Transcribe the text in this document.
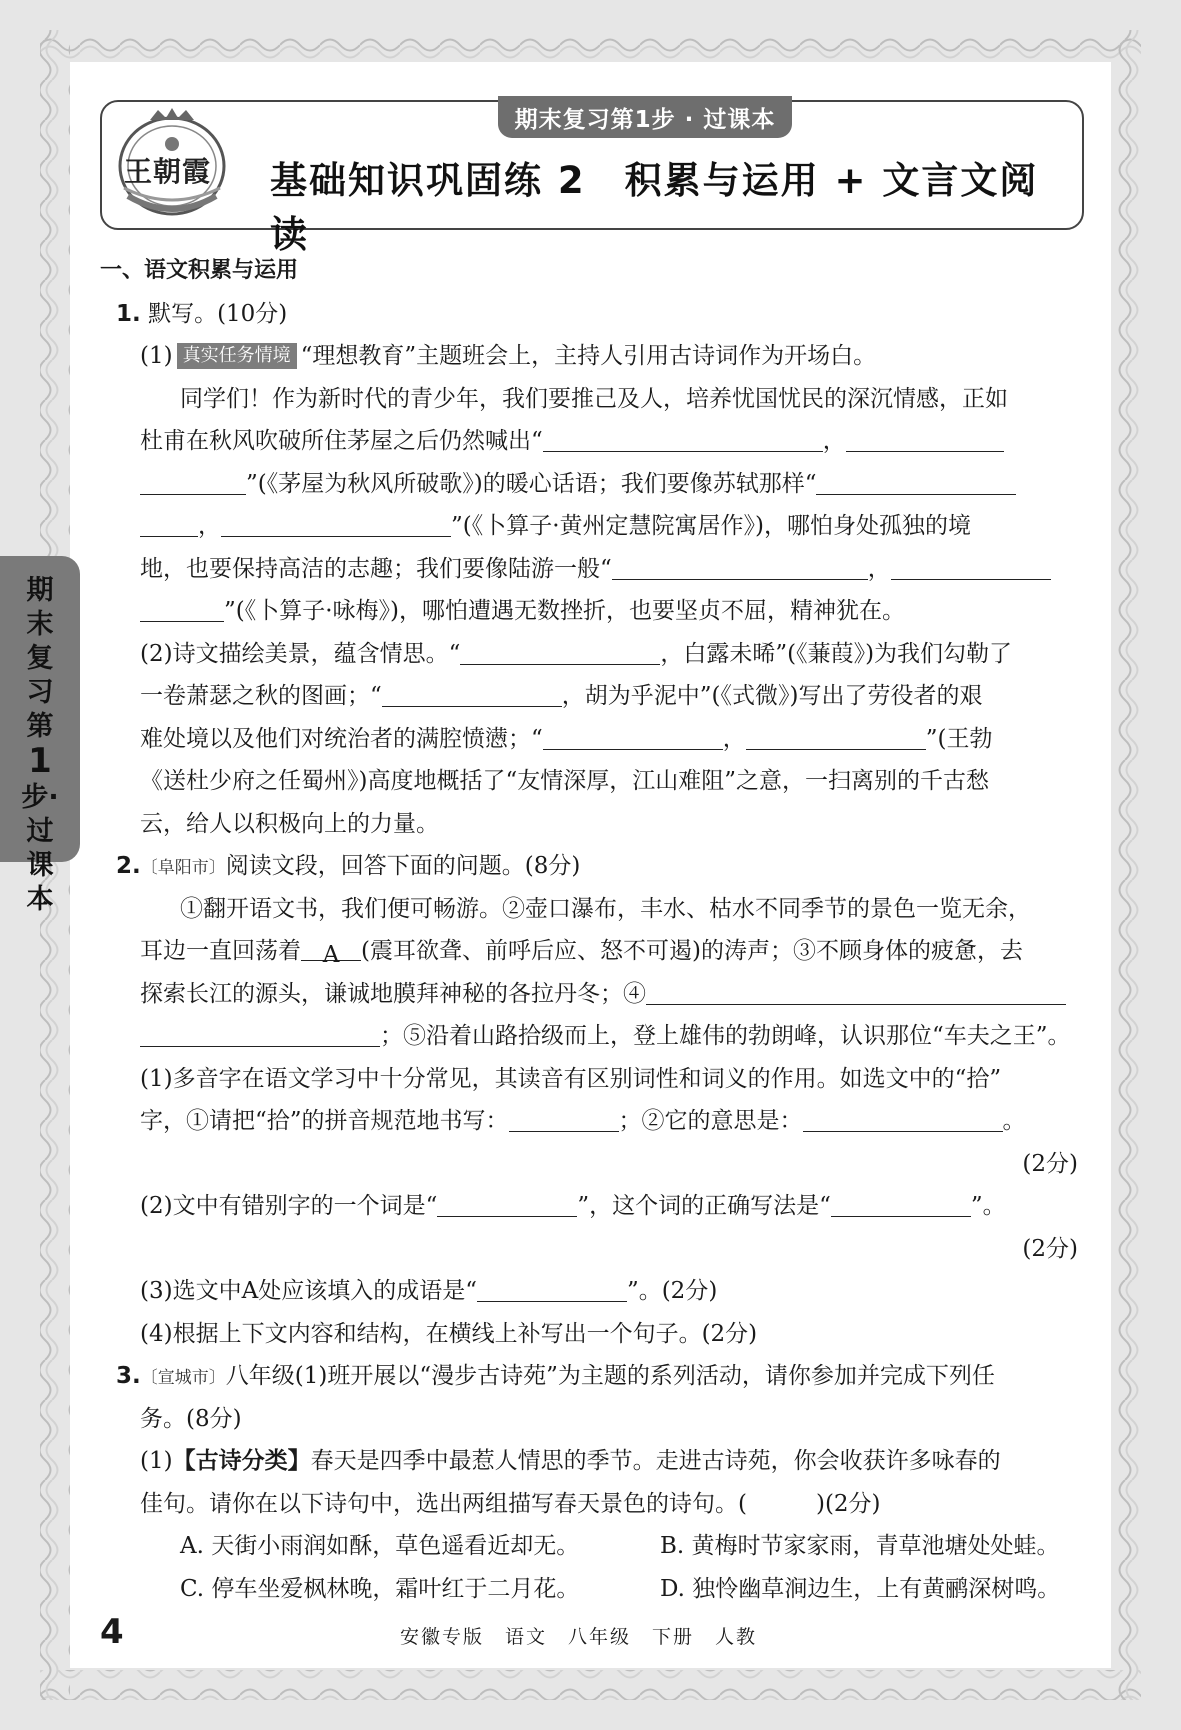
期末复习第1步 · 过课本
王朝霞 基础知识巩固练 2　积累与运用 + 文言文阅读
期末复习第
1
步·过课本
一、语文积累与运用
1. 默写。(10分)
(1) 真实任务情境 “理想教育”主题班会上，主持人引用古诗词作为开场白。
同学们！作为新时代的青少年，我们要推己及人，培养忧国忧民的深沉情感，正如
杜甫在秋风吹破所住茅屋之后仍然喊出“	，
”(《茅屋为秋风所破歌》)的暖心话语；我们要像苏轼那样“
，	”(《卜算子·黄州定慧院寓居作》)，哪怕身处孤独的境
地，也要保持高洁的志趣；我们要像陆游一般“	，
”(《卜算子·咏梅》)，哪怕遭遇无数挫折，也要坚贞不屈，精神犹在。
(2)诗文描绘美景，蕴含情思。“	，白露未晞”(《蒹葭》)为我们勾勒了
一卷萧瑟之秋的图画；“	，胡为乎泥中”(《式微》)写出了劳役者的艰
难处境以及他们对统治者的满腔愤懑；“	，	”(王勃
《送杜少府之任蜀州》)高度地概括了“友情深厚，江山难阻”之意，一扫离别的千古愁
云，给人以积极向上的力量。
2.〔阜阳市〕阅读文段，回答下面的问题。(8分)
①翻开语文书，我们便可畅游。②壶口瀑布，丰水、枯水不同季节的景色一览无余，
耳边一直回荡着 A (震耳欲聋、前呼后应、怒不可遏)的涛声；③不顾身体的疲惫，去
探索长江的源头，谦诚地膜拜神秘的各拉丹冬；④
；⑤沿着山路拾级而上，登上雄伟的勃朗峰，认识那位“车夫之王”。
(1)多音字在语文学习中十分常见，其读音有区别词性和词义的作用。如选文中的“拾”
字，①请把“拾”的拼音规范地书写：	；②它的意思是：	。
(2分)
(2)文中有错别字的一个词是“	”，这个词的正确写法是“	”。
(2分)
(3)选文中A处应该填入的成语是“	”。(2分)
(4)根据上下文内容和结构，在横线上补写出一个句子。(2分)
3.〔宣城市〕八年级(1)班开展以“漫步古诗苑”为主题的系列活动，请你参加并完成下列任
务。(8分)
(1)【古诗分类】春天是四季中最惹人情思的季节。走进古诗苑，你会收获许多咏春的
佳句。请你在以下诗句中，选出两组描写春天景色的诗句。(　　　)(2分)
A. 天街小雨润如酥，草色遥看近却无。	B. 黄梅时节家家雨，青草池塘处处蛙。
C. 停车坐爱枫林晚，霜叶红于二月花。	D. 独怜幽草涧边生，上有黄鹂深树鸣。
4	安徽专版　语文　八年级　下册　人教
